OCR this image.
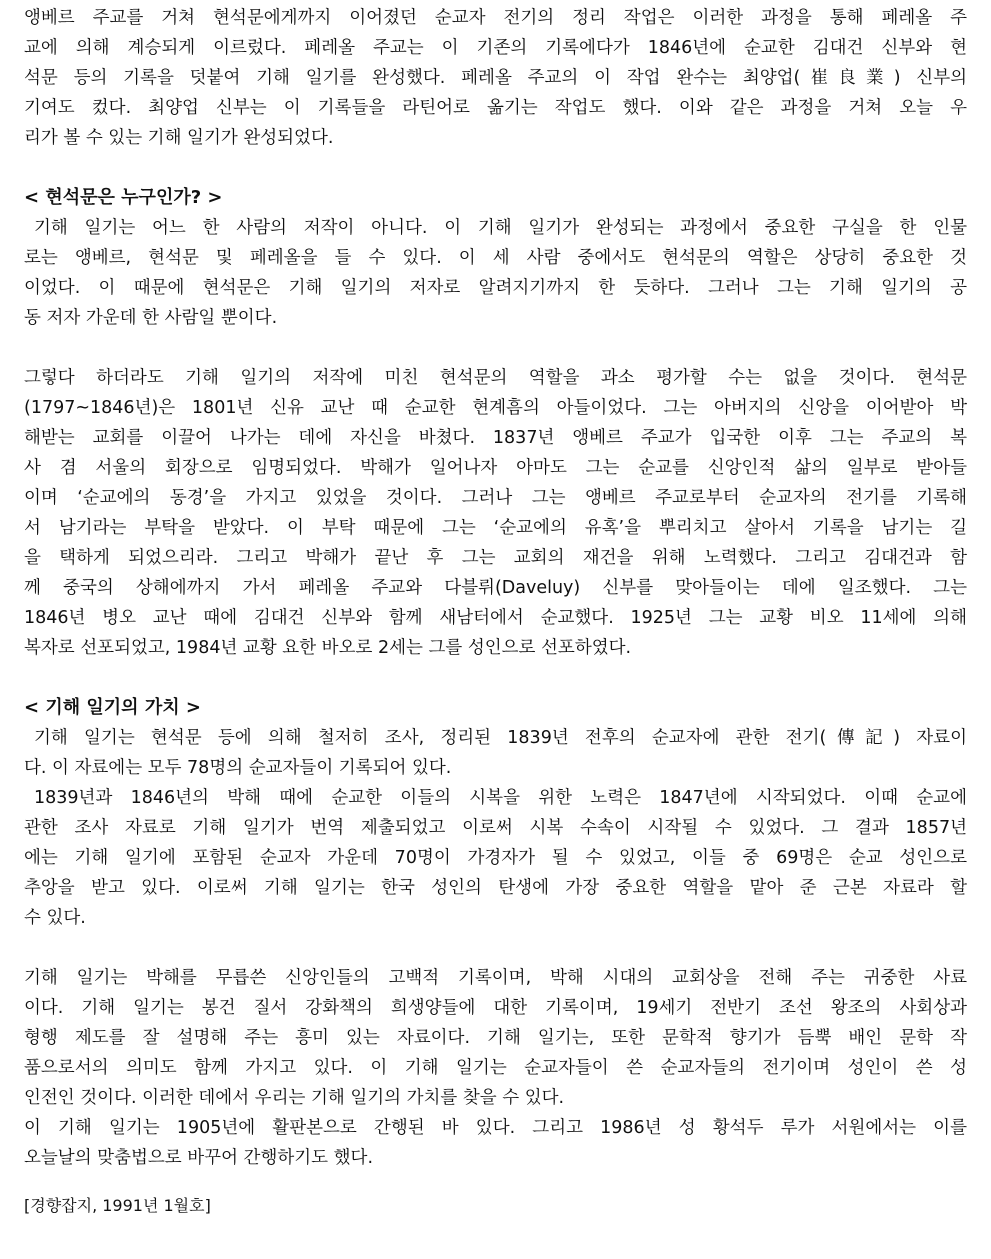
앵베르 주교를 거쳐 현석문에게까지 이어졌던 순교자 전기의 정리 작업은 이러한 과정을 통해 페레올 주
교에 의해 계승되게 이르렀다. 페레올 주교는 이 기존의 기록에다가 1846년에 순교한 김대건 신부와 현
석문 등의 기록을 덧붙여 기해 일기를 완성했다. 페레올 주교의 이 작업 완수는 최양업(崔良業) 신부의
기여도 컸다. 최양업 신부는 이 기록들을 라틴어로 옮기는 작업도 했다. 이와 같은 과정을 거쳐 오늘 우
리가 볼 수 있는 기해 일기가 완성되었다.
< 현석문은 누구인가? >
기해 일기는 어느 한 사람의 저작이 아니다. 이 기해 일기가 완성되는 과정에서 중요한 구실을 한 인물
로는 앵베르, 현석문 및 페레올을 들 수 있다. 이 세 사람 중에서도 현석문의 역할은 상당히 중요한 것
이었다. 이 때문에 현석문은 기해 일기의 저자로 알려지기까지 한 듯하다. 그러나 그는 기해 일기의 공
동 저자 가운데 한 사람일 뿐이다.
그렇다 하더라도 기해 일기의 저작에 미친 현석문의 역할을 과소 평가할 수는 없을 것이다. 현석문
(1797~1846년)은 1801년 신유 교난 때 순교한 현계흠의 아들이었다. 그는 아버지의 신앙을 이어받아 박
해받는 교회를 이끌어 나가는 데에 자신을 바쳤다. 1837년 앵베르 주교가 입국한 이후 그는 주교의 복
사 겸 서울의 회장으로 임명되었다. 박해가 일어나자 아마도 그는 순교를 신앙인적 삶의 일부로 받아들
이며 ‘순교에의 동경’을 가지고 있었을 것이다. 그러나 그는 앵베르 주교로부터 순교자의 전기를 기록해
서 남기라는 부탁을 받았다. 이 부탁 때문에 그는 ‘순교에의 유혹’을 뿌리치고 살아서 기록을 남기는 길
을 택하게 되었으리라. 그리고 박해가 끝난 후 그는 교회의 재건을 위해 노력했다. 그리고 김대건과 함
께 중국의 상해에까지 가서 페레올 주교와 다블뤼(Daveluy) 신부를 맞아들이는 데에 일조했다. 그는
1846년 병오 교난 때에 김대건 신부와 함께 새남터에서 순교했다. 1925년 그는 교황 비오 11세에 의해
복자로 선포되었고, 1984년 교황 요한 바오로 2세는 그를 성인으로 선포하였다.
< 기해 일기의 가치 >
기해 일기는 현석문 등에 의해 철저히 조사, 정리된 1839년 전후의 순교자에 관한 전기(傳記) 자료이
다. 이 자료에는 모두 78명의 순교자들이 기록되어 있다.
1839년과 1846년의 박해 때에 순교한 이들의 시복을 위한 노력은 1847년에 시작되었다. 이때 순교에
관한 조사 자료로 기해 일기가 번역 제출되었고 이로써 시복 수속이 시작될 수 있었다. 그 결과 1857년
에는 기해 일기에 포함된 순교자 가운데 70명이 가경자가 될 수 있었고, 이들 중 69명은 순교 성인으로
추앙을 받고 있다. 이로써 기해 일기는 한국 성인의 탄생에 가장 중요한 역할을 맡아 준 근본 자료라 할
수 있다.
기해 일기는 박해를 무릅쓴 신앙인들의 고백적 기록이며, 박해 시대의 교회상을 전해 주는 귀중한 사료
이다. 기해 일기는 봉건 질서 강화책의 희생양들에 대한 기록이며, 19세기 전반기 조선 왕조의 사회상과
형행 제도를 잘 설명해 주는 흥미 있는 자료이다. 기해 일기는, 또한 문학적 향기가 듬뿍 배인 문학 작
품으로서의 의미도 함께 가지고 있다. 이 기해 일기는 순교자들이 쓴 순교자들의 전기이며 성인이 쓴 성
인전인 것이다. 이러한 데에서 우리는 기해 일기의 가치를 찾을 수 있다.
이 기해 일기는 1905년에 활판본으로 간행된 바 있다. 그리고 1986년 성 황석두 루가 서원에서는 이를
오늘날의 맞춤법으로 바꾸어 간행하기도 했다.
[경향잡지, 1991년 1월호]
